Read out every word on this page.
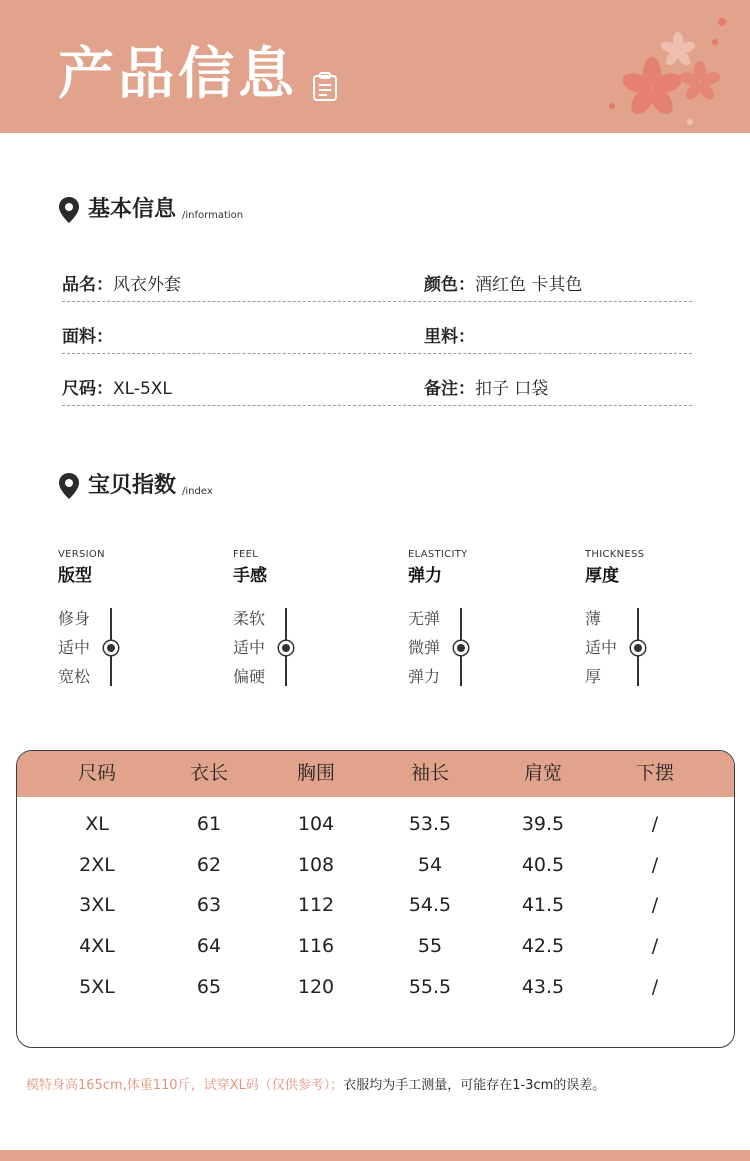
产品信息
基本信息 /information
品名：风衣外套	颜色：酒红色 卡其色
面料：	里料：
尺码：XL-5XL	备注：扣子 口袋
宝贝指数 /index
VERSION
版型
修身
适中
宽松
FEEL
手感
柔软
适中
偏硬
ELASTICITY
弹力
无弹
微弹
弹力
THICKNESS
厚度
薄
适中
厚
尺码	衣长	胸围	袖长	肩宽	下摆
XL	61	104	53.5	39.5	/
2XL	62	108	54	40.5	/
3XL	63	112	54.5	41.5	/
4XL	64	116	55	42.5	/
5XL	65	120	55.5	43.5	/
模特身高165cm,体重110斤，试穿XL码（仅供参考）；衣服均为手工测量，可能存在1-3cm的误差。
